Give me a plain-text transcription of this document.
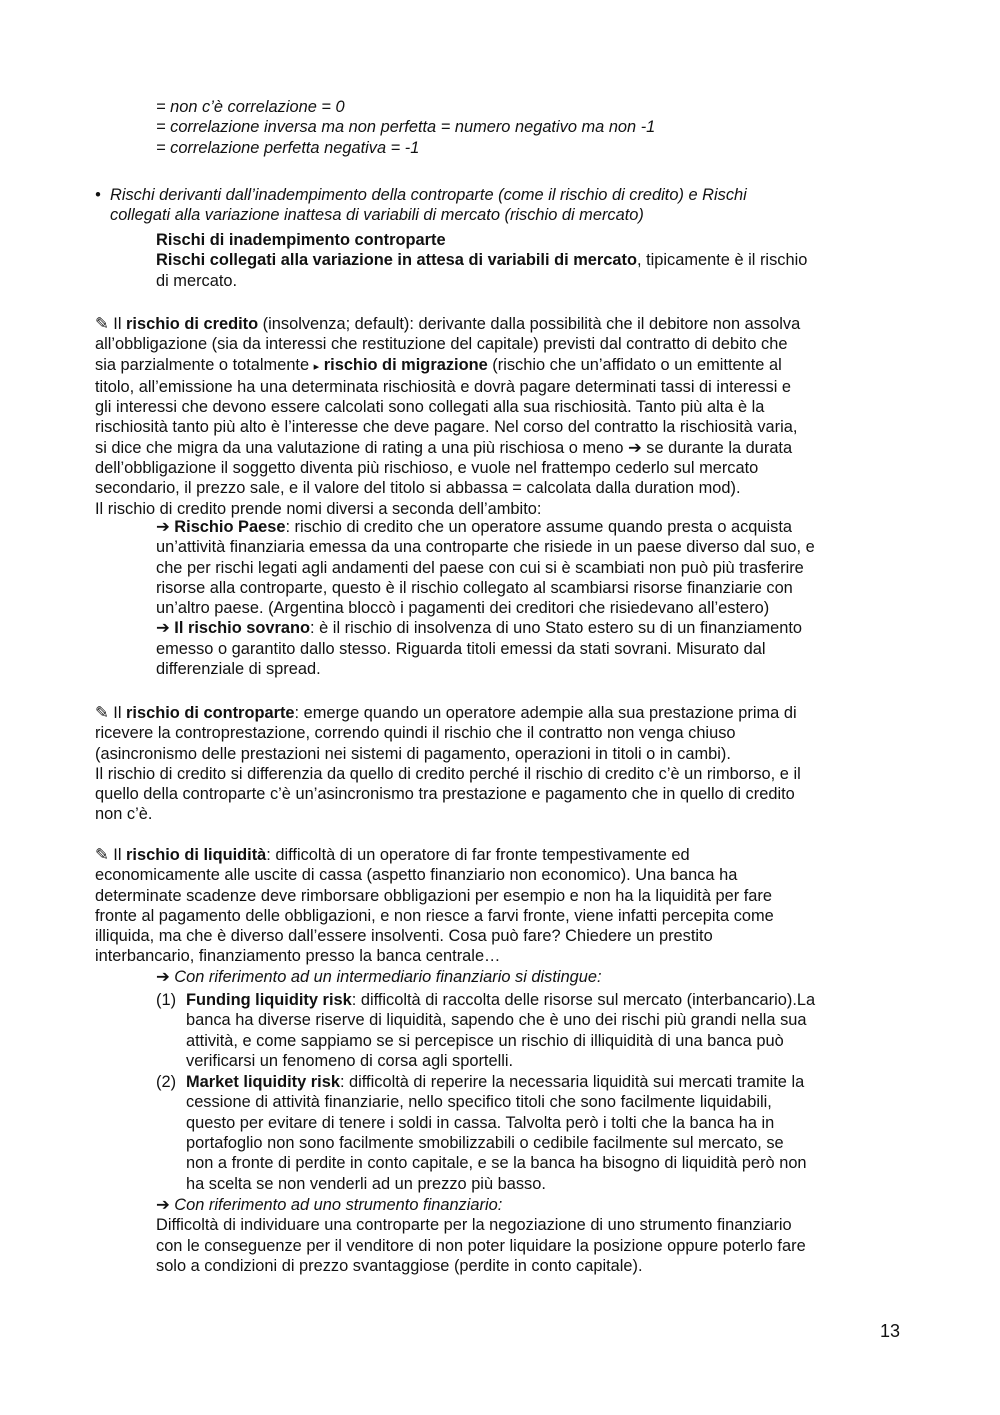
= non c’è correlazione = 0
= correlazione inversa ma non perfetta = numero negativo ma non -1
= correlazione perfetta negativa = -1
• Rischi derivanti dall’inadempimento della controparte (come il rischio di credito) e Rischi
collegati alla variazione inattesa di variabili di mercato (rischio di mercato)
Rischi di inadempimento controparte
Rischi collegati alla variazione in attesa di variabili di mercato, tipicamente è il rischio
di mercato.
✎ Il rischio di credito (insolvenza; default): derivante dalla possibilità che il debitore non assolva
all’obbligazione (sia da interessi che restituzione del capitale) previsti dal contratto di debito che
sia parzialmente o totalmente ▸ rischio di migrazione (rischio che un’affidato o un emittente al
titolo, all’emissione ha una determinata rischiosità e dovrà pagare determinati tassi di interessi e
gli interessi che devono essere calcolati sono collegati alla sua rischiosità. Tanto più alta è la
rischiosità tanto più alto è l’interesse che deve pagare. Nel corso del contratto la rischiosità varia,
si dice che migra da una valutazione di rating a una più rischiosa o meno ➔ se durante la durata
dell’obbligazione il soggetto diventa più rischioso, e vuole nel frattempo cederlo sul mercato
secondario, il prezzo sale, e il valore del titolo si abbassa = calcolata dalla duration mod).
Il rischio di credito prende nomi diversi a seconda dell’ambito:
➔ Rischio Paese: rischio di credito che un operatore assume quando presta o acquista
un’attività finanziaria emessa da una controparte che risiede in un paese diverso dal suo, e
che per rischi legati agli andamenti del paese con cui si è scambiati non può più trasferire
risorse alla controparte, questo è il rischio collegato al scambiarsi risorse finanziarie con
un’altro paese. (Argentina bloccò i pagamenti dei creditori che risiedevano all’estero)
➔ Il rischio sovrano: è il rischio di insolvenza di uno Stato estero su di un finanziamento
emesso o garantito dallo stesso. Riguarda titoli emessi da stati sovrani. Misurato dal
differenziale di spread.
✎ Il rischio di controparte: emerge quando un operatore adempie alla sua prestazione prima di
ricevere la controprestazione, correndo quindi il rischio che il contratto non venga chiuso
(asincronismo delle prestazioni nei sistemi di pagamento, operazioni in titoli o in cambi).
Il rischio di credito si differenzia da quello di credito perché il rischio di credito c’è un rimborso, e il
quello della controparte c’è un’asincronismo tra prestazione e pagamento che in quello di credito
non c’è.
✎ Il rischio di liquidità: difficoltà di un operatore di far fronte tempestivamente ed
economicamente alle uscite di cassa (aspetto finanziario non economico). Una banca ha
determinate scadenze deve rimborsare obbligazioni per esempio e non ha la liquidità per fare
fronte al pagamento delle obbligazioni, e non riesce a farvi fronte, viene infatti percepita come
illiquida, ma che è diverso dall’essere insolventi. Cosa può fare? Chiedere un prestito
interbancario, finanziamento presso la banca centrale…
➔ Con riferimento ad un intermediario finanziario si distingue:
(1) Funding liquidity risk: difficoltà di raccolta delle risorse sul mercato (interbancario).La
banca ha diverse riserve di liquidità, sapendo che è uno dei rischi più grandi nella sua
attività, e come sappiamo se si percepisce un rischio di illiquidità di una banca può
verificarsi un fenomeno di corsa agli sportelli.
(2) Market liquidity risk: difficoltà di reperire la necessaria liquidità sui mercati tramite la
cessione di attività finanziarie, nello specifico titoli che sono facilmente liquidabili,
questo per evitare di tenere i soldi in cassa. Talvolta però i tolti che la banca ha in
portafoglio non sono facilmente smobilizzabili o cedibile facilmente sul mercato, se
non a fronte di perdite in conto capitale, e se la banca ha bisogno di liquidità però non
ha scelta se non venderli ad un prezzo più basso.
➔ Con riferimento ad uno strumento finanziario:
Difficoltà di individuare una controparte per la negoziazione di uno strumento finanziario
con le conseguenze per il venditore di non poter liquidare la posizione oppure poterlo fare
solo a condizioni di prezzo svantaggiose (perdite in conto capitale).
13
